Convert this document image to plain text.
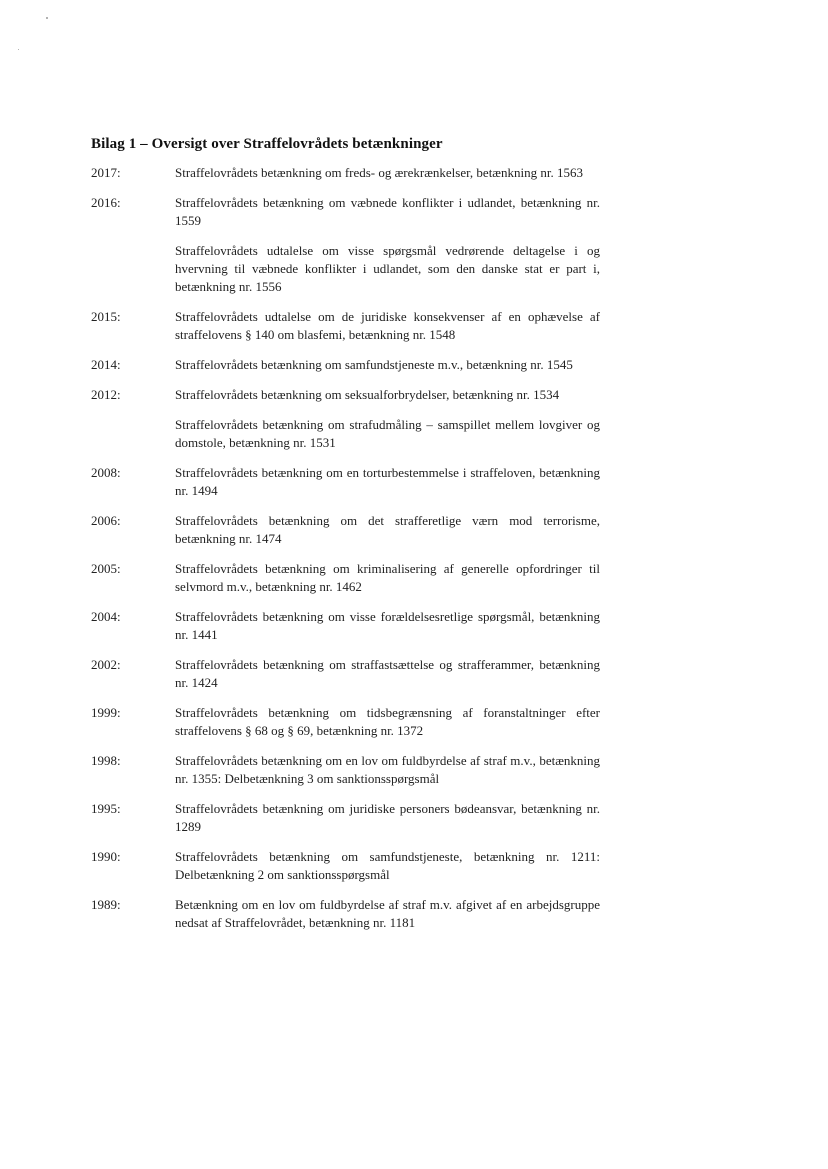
Bilag 1 – Oversigt over Straffelovrådets betænkninger
2017:	Straffelovrådets betænkning om freds- og ærekrænkelser, betænkning nr. 1563

2016:	Straffelovrådets betænkning om væbnede konflikter i udlandet, betænkning nr. 1559

Straffelovrådets udtalelse om visse spørgsmål vedrørende deltagelse i og hvervning til væbnede konflikter i udlandet, som den danske stat er part i, betænkning nr. 1556

2015:	Straffelovrådets udtalelse om de juridiske konsekvenser af en ophævelse af straffelovens § 140 om blasfemi, betænkning nr. 1548

2014:	Straffelovrådets betænkning om samfundstjeneste m.v., betænkning nr. 1545

2012:	Straffelovrådets betænkning om seksualforbrydelser, betænkning nr. 1534

Straffelovrådets betænkning om strafudmåling – samspillet mellem lovgiver og domstole, betænkning nr. 1531

2008:	Straffelovrådets betænkning om en torturbestemmelse i straffeloven, betænkning nr. 1494

2006:	Straffelovrådets betænkning om det strafferetlige værn mod terrorisme, betænkning nr. 1474

2005:	Straffelovrådets betænkning om kriminalisering af generelle opfordringer til selvmord m.v., betænkning nr. 1462

2004:	Straffelovrådets betænkning om visse forældelsesretlige spørgsmål, betænkning nr. 1441

2002:	Straffelovrådets betænkning om straffastsættelse og strafferammer, betænkning nr. 1424

1999:	Straffelovrådets betænkning om tidsbegrænsning af foranstaltninger efter straffelovens § 68 og § 69, betænkning nr. 1372

1998:	Straffelovrådets betænkning om en lov om fuldbyrdelse af straf m.v., betænkning nr. 1355: Delbetænkning 3 om sanktionsspørgsmål

1995:	Straffelovrådets betænkning om juridiske personers bødeansvar, betænkning nr. 1289

1990:	Straffelovrådets betænkning om samfundstjeneste, betænkning nr. 1211: Delbetænkning 2 om sanktionsspørgsmål

1989:	Betænkning om en lov om fuldbyrdelse af straf m.v. afgivet af en arbejdsgruppe nedsat af Straffelovrådet, betænkning nr. 1181
